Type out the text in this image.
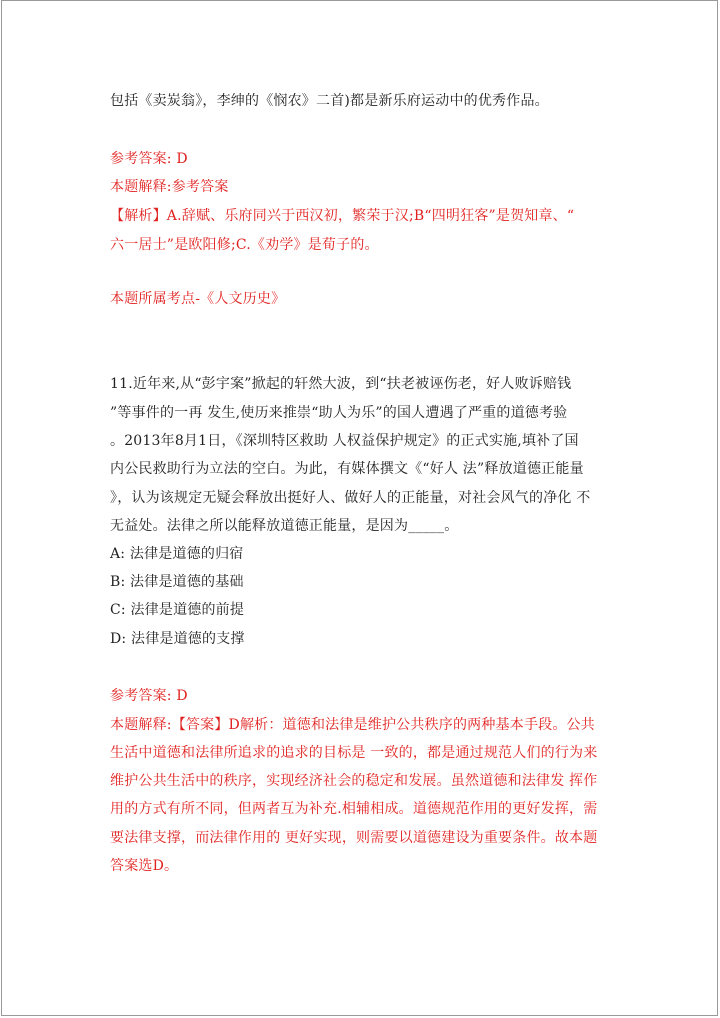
包括《卖炭翁》，李绅的《悯农》二首)都是新乐府运动中的优秀作品。
参考答案: D
本题解释:参考答案
【解析】A.辞赋、乐府同兴于西汉初，繁荣于汉;B“四明狂客”是贺知章、“
六一居士”是欧阳修;C.《劝学》是荀子的。
本题所属考点-《人文历史》
11.近年来,从“彭宇案”掀起的轩然大波，到“扶老被诬伤老，好人败诉赔钱
”等事件的一再 发生,使历来推崇“助人为乐”的国人遭遇了严重的道德考验
。2013年8月1日，《深圳特区救助 人权益保护规定》的正式实施,填补了国
内公民救助行为立法的空白。为此，有媒体撰文《“好人 法”释放道德正能量
》，认为该规定无疑会释放出挺好人、做好人的正能量，对社会风气的净化 不
无益处。法律之所以能释放道德正能量，是因为_____。
A: 法律是道德的归宿
B: 法律是道德的基础
C: 法律是道德的前提
D: 法律是道德的支撑
参考答案: D
本题解释:【答案】D解析：道德和法律是维护公共秩序的两种基本手段。公共
生活中道德和法律所追求的追求的目标是 一致的，都是通过规范人们的行为来
维护公共生活中的秩序，实现经济社会的稳定和发展。虽然道德和法律发 挥作
用的方式有所不同，但两者互为补充.相辅相成。道德规范作用的更好发挥，需
要法律支撑，而法律作用的 更好实现，则需要以道德建设为重要条件。故本题
答案选D。
